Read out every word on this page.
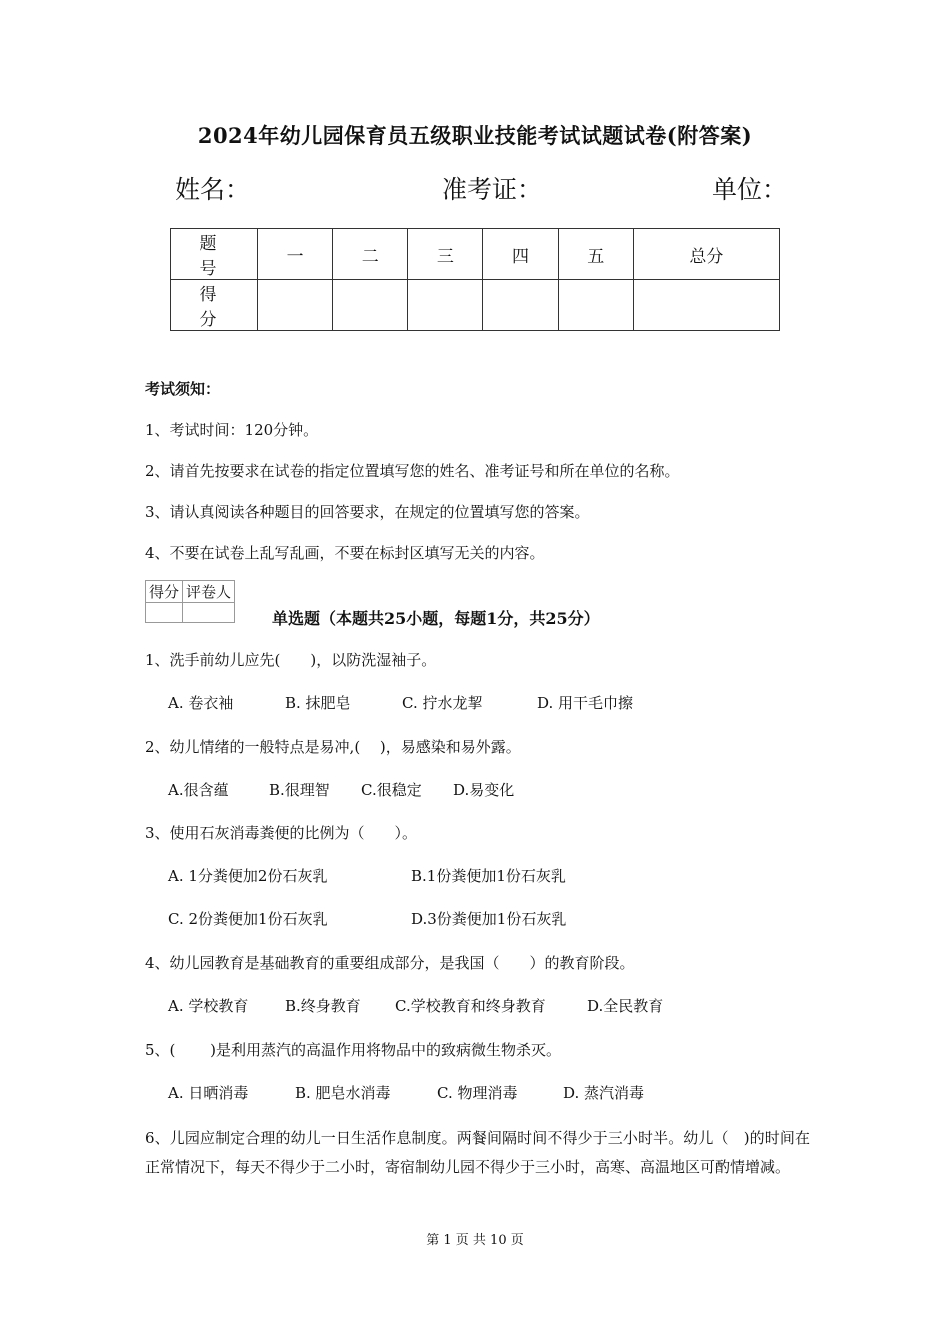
2024年幼儿园保育员五级职业技能考试试题试卷(附答案)
姓名：	准考证：	单位：
题　号	一	二	三	四	五	总分
得　分						
考试须知：
1、考试时间：120分钟。
2、请首先按要求在试卷的指定位置填写您的姓名、准考证号和所在单位的名称。
3、请认真阅读各种题目的回答要求，在规定的位置填写您的答案。
4、不要在试卷上乱写乱画，不要在标封区填写无关的内容。
得分	评卷人

单选题（本题共25小题，每题1分，共25分）
1、洗手前幼儿应先(　　)，以防洗湿袖子。
A. 卷衣袖	B. 抹肥皂	C. 拧水龙挈	D. 用干毛巾擦
2、幼儿情绪的一般特点是易冲,(　 )，易感染和易外露。
A.很含蕴	B.很理智 C.很稳定 D.易变化
3、使用石灰消毒粪便的比例为（　　）。
A. 1分粪便加2份石灰乳	B.1份粪便加1份石灰乳
C. 2份粪便加1份石灰乳	D.3份粪便加1份石灰乳
4、幼儿园教育是基础教育的重要组成部分，是我国（　　）的教育阶段。
A. 学校教育 B.终身教育 C.学校教育和终身教育	D.全民教育
5、(　　 )是利用蒸汽的高温作用将物品中的致病微生物杀灭。
A. 日晒消毒	B. 肥皂水消毒	C. 物理消毒	D. 蒸汽消毒
6、儿园应制定合理的幼儿一日生活作息制度。两餐间隔时间不得少于三小时半。幼儿（　)的时间在正常情况下，每天不得少于二小时，寄宿制幼儿园不得少于三小时，高寒、高温地区可酌情增减。
第 1 页 共 10 页
